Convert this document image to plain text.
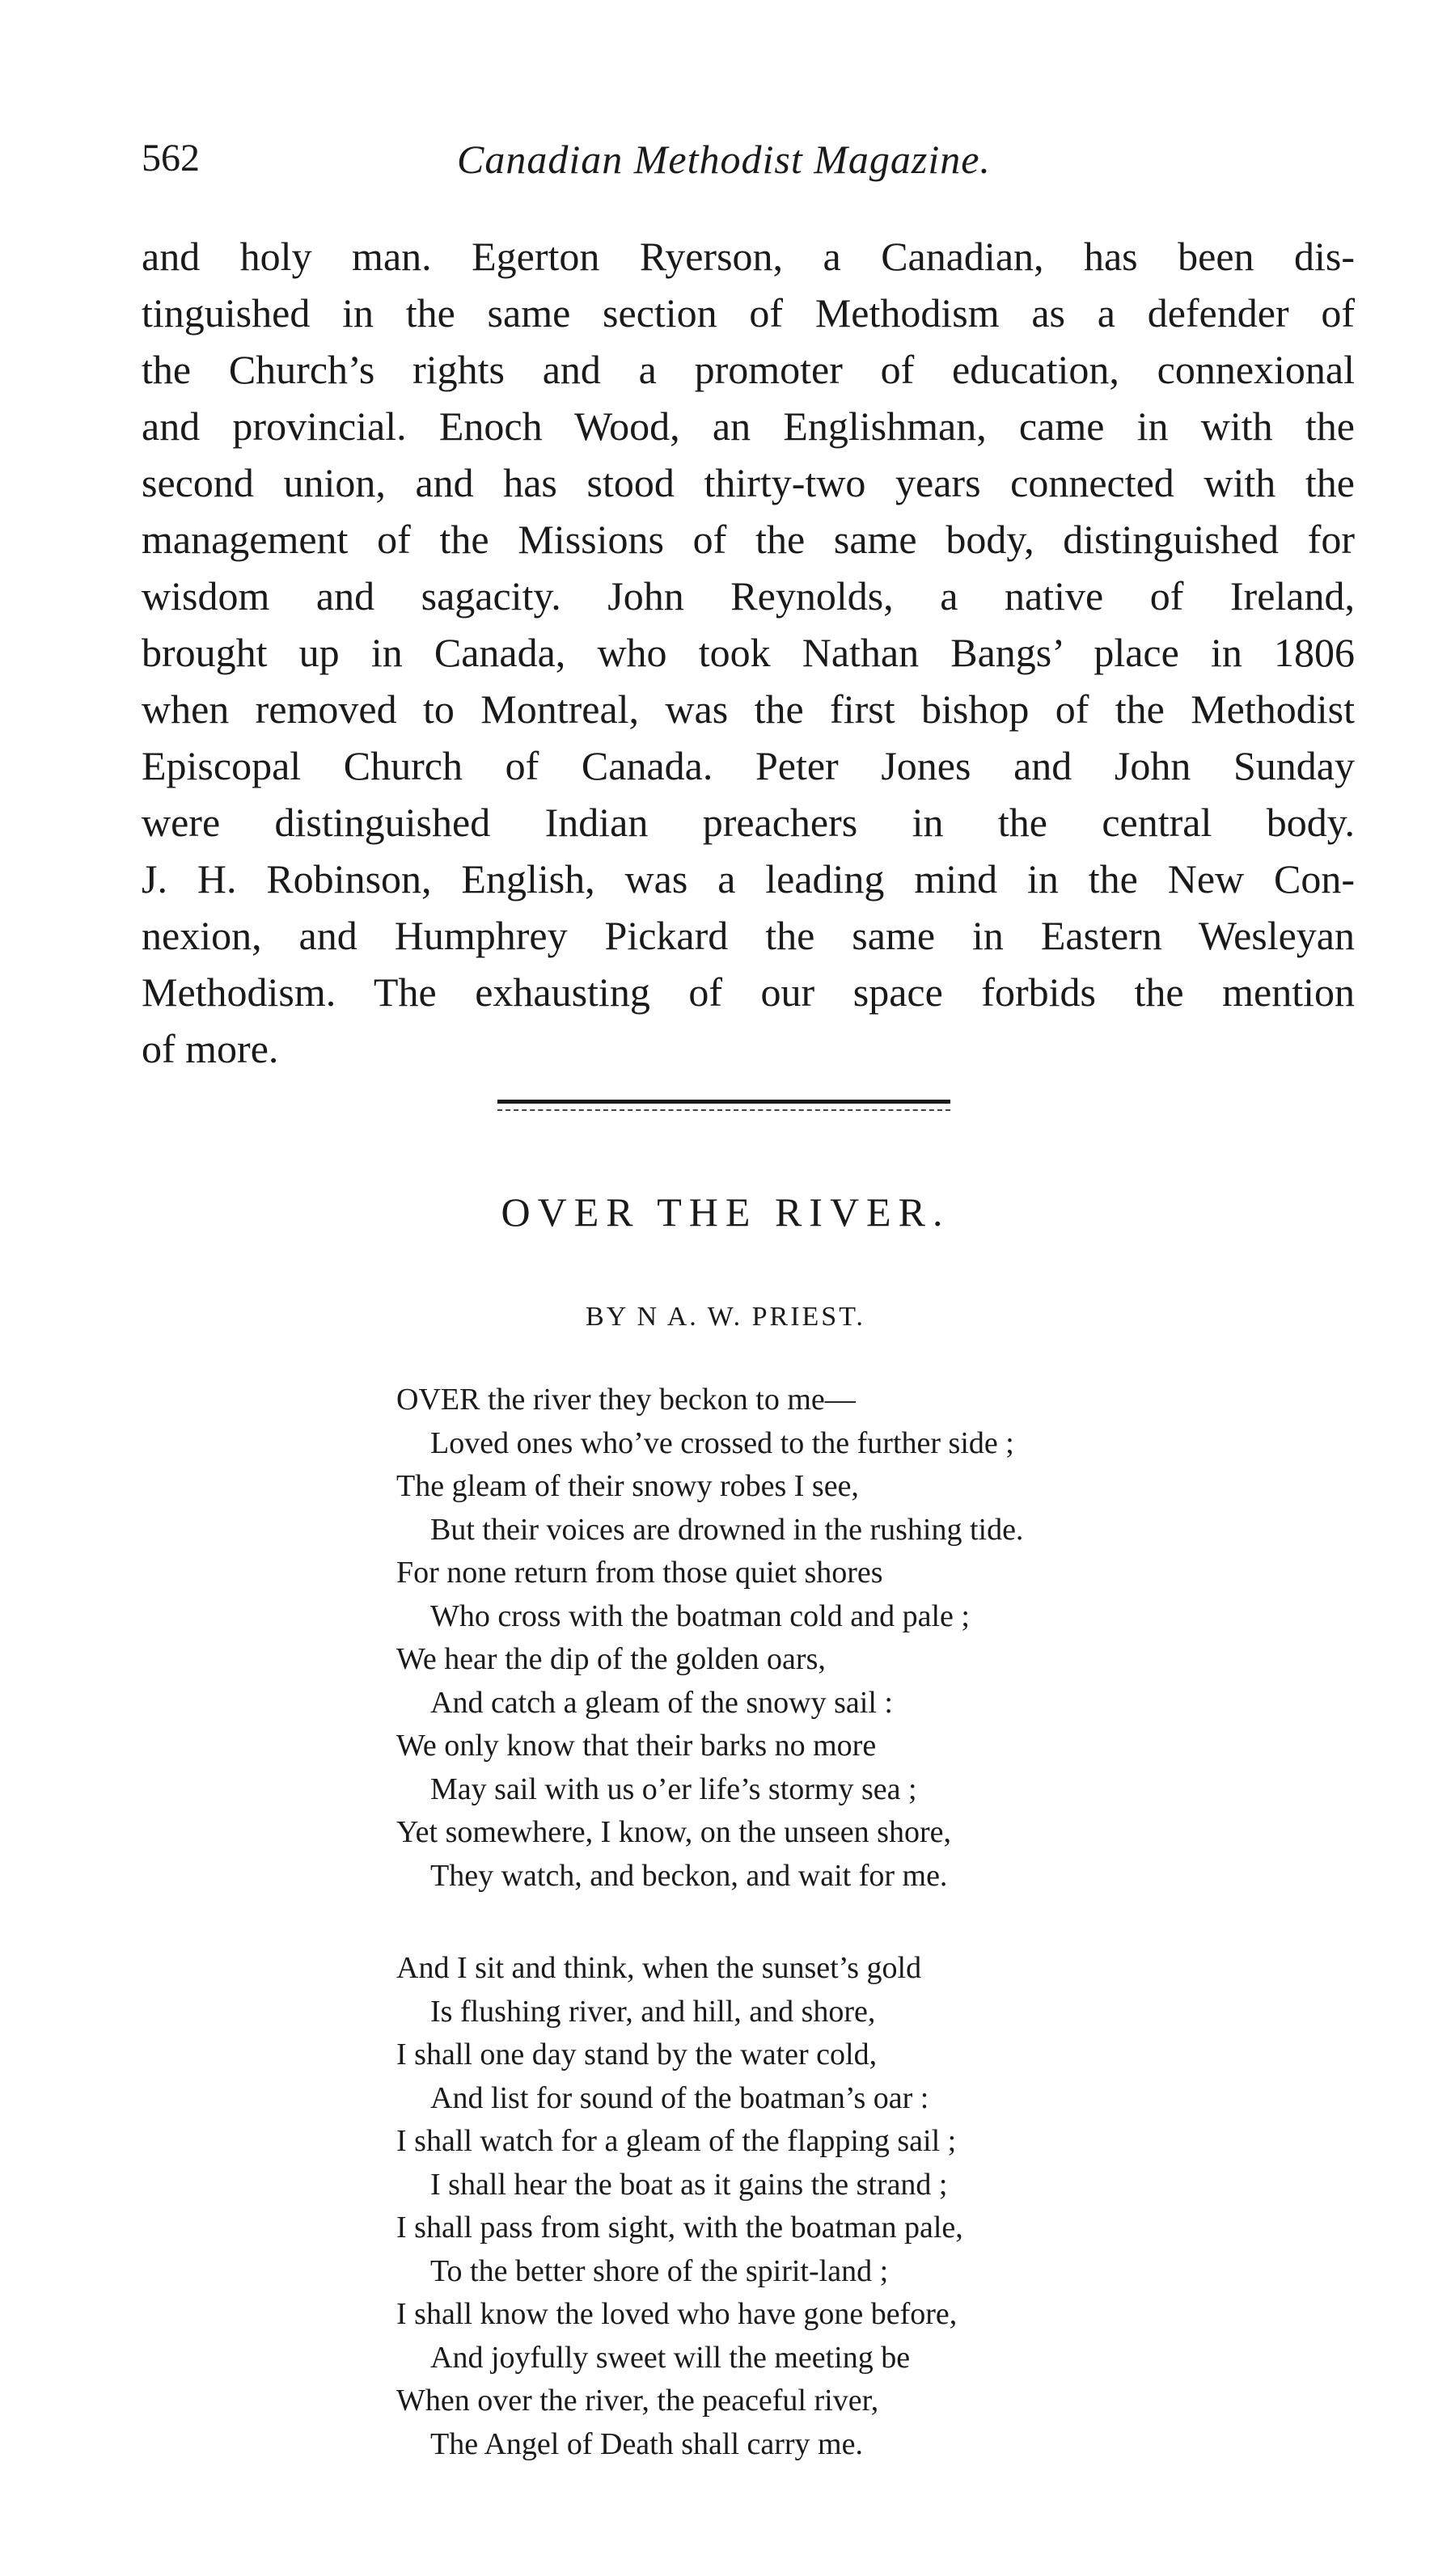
562	Canadian Methodist Magazine.
and holy man. Egerton Ryerson, a Canadian, has been dis-
tinguished in the same section of Methodism as a defender of
the Church’s rights and a promoter of education, connexional
and provincial. Enoch Wood, an Englishman, came in with the
second union, and has stood thirty-two years connected with the
management of the Missions of the same body, distinguished for
wisdom and sagacity. John Reynolds, a native of Ireland,
brought up in Canada, who took Nathan Bangs’ place in 1806
when removed to Montreal, was the first bishop of the Methodist
Episcopal Church of Canada. Peter Jones and John Sunday
were distinguished Indian preachers in the central body.
J. H. Robinson, English, was a leading mind in the New Con-
nexion, and Humphrey Pickard the same in Eastern Wesleyan
Methodism. The exhausting of our space forbids the mention
of more.
OVER THE RIVER.
BY N A. W. PRIEST.
OVER the river they beckon to me—
Loved ones who’ve crossed to the further side ;
The gleam of their snowy robes I see,
But their voices are drowned in the rushing tide.
For none return from those quiet shores
Who cross with the boatman cold and pale ;
We hear the dip of the golden oars,
And catch a gleam of the snowy sail :
We only know that their barks no more
May sail with us o’er life’s stormy sea ;
Yet somewhere, I know, on the unseen shore,
They watch, and beckon, and wait for me.
And I sit and think, when the sunset’s gold
Is flushing river, and hill, and shore,
I shall one day stand by the water cold,
And list for sound of the boatman’s oar :
I shall watch for a gleam of the flapping sail ;
I shall hear the boat as it gains the strand ;
I shall pass from sight, with the boatman pale,
To the better shore of the spirit-land ;
I shall know the loved who have gone before,
And joyfully sweet will the meeting be
When over the river, the peaceful river,
The Angel of Death shall carry me.
